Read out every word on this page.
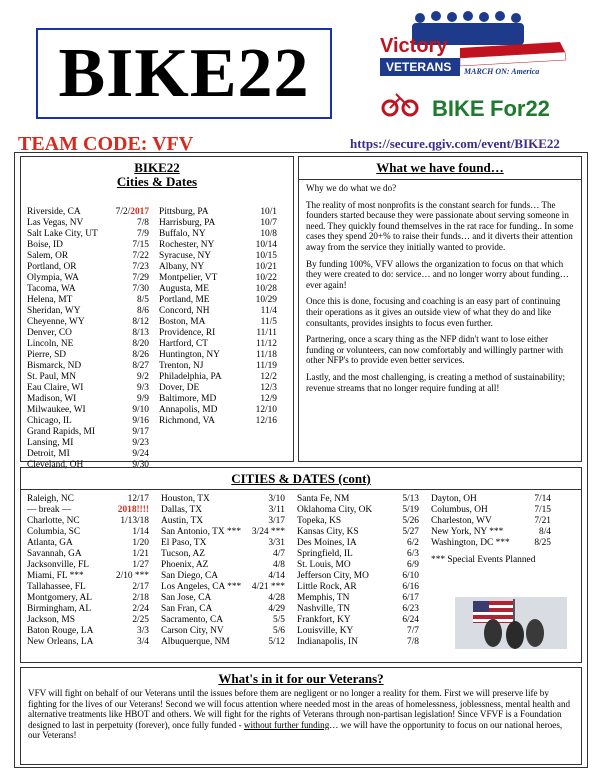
BIKE22	Victory
VETERANS MARCH ON: America
BIKE For22
TEAM CODE: VFV	https://secure.qgiv.com/event/BIKE22
BIKE22
Cities & Dates
Riverside, CA	7/2/2017
Las Vegas, NV	7/8
Salt Lake City, UT	7/9
Boise, ID	7/15
Salem, OR	7/22
Portland, OR	7/23
Olympia, WA	7/29
Tacoma, WA	7/30
Helena, MT	8/5
Sheridan, WY	8/6
Cheyenne, WY	8/12
Denver, CO	8/13
Lincoln, NE	8/20
Pierre, SD	8/26
Bismarck, ND	8/27
St. Paul, MN	9/2
Eau Claire, WI	9/3
Madison, WI	9/9
Milwaukee, WI	9/10
Chicago, IL	9/16
Grand Rapids, MI	9/17
Lansing, MI	9/23
Detroit, MI	9/24
Cleveland, OH	9/30
Pittsburg, PA	10/1
Harrisburg, PA	10/7
Buffalo, NY	10/8
Rochester, NY	10/14
Syracuse, NY	10/15
Albany, NY	10/21
Montpelier, VT	10/22
Augusta, ME	10/28
Portland, ME	10/29
Concord, NH	11/4
Boston, MA	11/5
Providence, RI	11/11
Hartford, CT	11/12
Huntington, NY	11/18
Trenton, NJ	11/19
Philadelphia, PA	12/2
Dover, DE	12/3
Baltimore, MD	12/9
Annapolis, MD	12/10
Richmond, VA	12/16
What we have found…

Why we do what we do?

The reality of most nonprofits is the constant search for funds… The founders started because they were passionate about serving someone in need. They quickly found themselves in the rat race for funding.. In some cases they spend 20+% to raise their funds… and it diverts their attention away from the service they initially wanted to provide.

By funding 100%, VFV allows the organization to focus on that which they were created to do: service… and no longer worry about funding… ever again!

Once this is done, focusing and coaching is an easy part of continuing their operations as it gives an outside view of what they do and like consultants, provides insights to focus even further.

Partnering, once a scary thing as the NFP didn't want to lose either funding or volunteers, can now comfortably and willingly partner with other NFP's to provide even better services.

Lastly, and the most challenging, is creating a method of sustainability; revenue streams that no longer require funding at all!

CITIES & DATES (cont)
Raleigh, NC	12/17
— break —	2018!!!!
Charlotte, NC	1/13/18
Columbia, SC	1/14
Atlanta, GA	1/20
Savannah, GA	1/21
Jacksonville, FL	1/27
Miami, FL ***	2/10 ***
Tallahassee, FL	2/17
Montgomery, AL	2/18
Birmingham, AL	2/24
Jackson, MS	2/25
Baton Rouge, LA	3/3
New Orleans, LA	3/4
Houston, TX	3/10
Dallas, TX	3/11
Austin, TX	3/17
San Antonio, TX ***	3/24 ***
El Paso, TX	3/31
Tucson, AZ	4/7
Phoenix, AZ	4/8
San Diego, CA	4/14
Los Angeles, CA ***	4/21 ***
San Jose, CA	4/28
San Fran, CA	4/29
Sacramento, CA	5/5
Carson City, NV	5/6
Albuquerque, NM	5/12
Santa Fe, NM	5/13
Oklahoma City, OK	5/19
Topeka, KS	5/26
Kansas City, KS	5/27
Des Moines, IA	6/2
Springfield, IL	6/3
St. Louis, MO	6/9
Jefferson City, MO	6/10
Little Rock, AR	6/16
Memphis, TN	6/17
Nashville, TN	6/23
Frankfort, KY	6/24
Louisville, KY	7/7
Indianapolis, IN	7/8
Dayton, OH	7/14
Columbus, OH	7/15
Charleston, WV	7/21
New York, NY ***	8/4
Washington, DC ***	8/25
*** Special Events Planned
What's in it for our Veterans?
VFV will fight on behalf of our Veterans until the issues before them are negligent or no longer a reality for them. First we will preserve life by fighting for the lives of our Veterans! Second we will focus attention where needed most in the areas of homelessness, joblessness, mental health and alternative treatments like HBOT and others. We will fight for the rights of Veterans through non-partisan legislation! Since VFVF is a Foundation designed to last in perpetuity (forever), once fully funded - without further funding… we will have the opportunity to focus on our national heroes, our Veterans!
